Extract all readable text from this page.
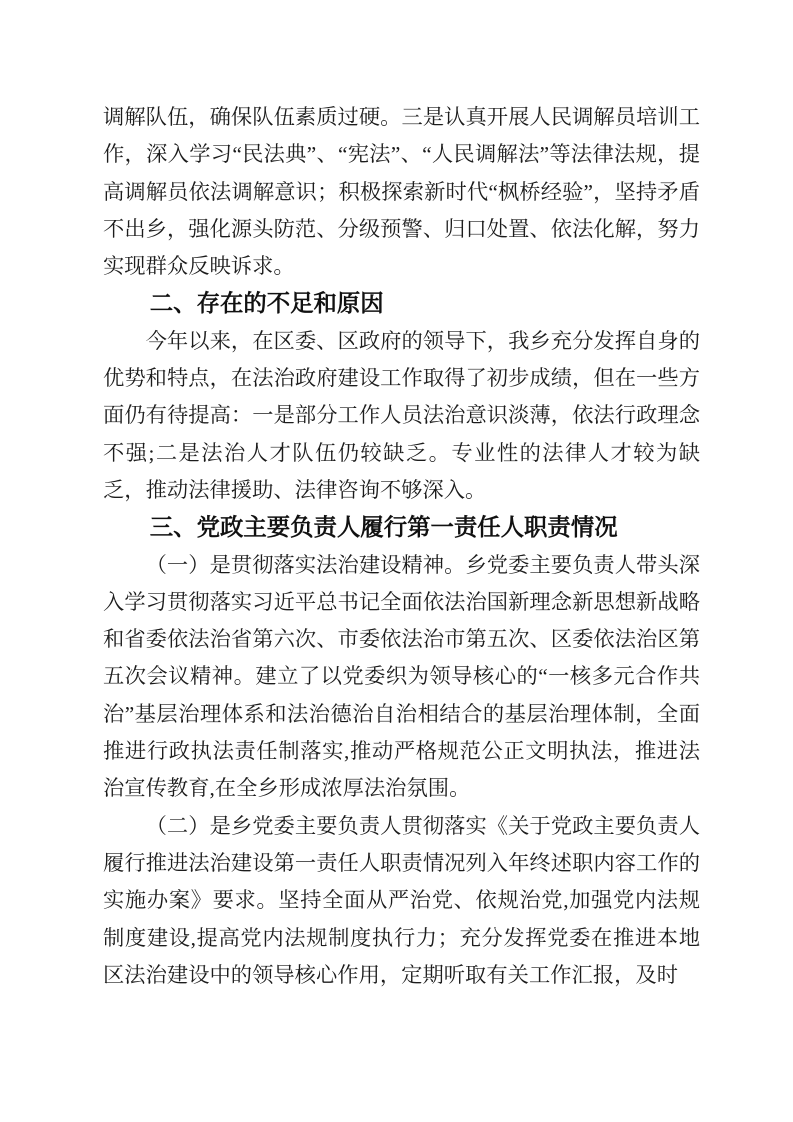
调解队伍，确保队伍素质过硬。三是认真开展人民调解员培训工作，深入学习“民法典”、“宪法”、“人民调解法”等法律法规，提高调解员依法调解意识；积极探索新时代“枫桥经验”，坚持矛盾不出乡，强化源头防范、分级预警、归口处置、依法化解，努力实现群众反映诉求。

二、存在的不足和原因

今年以来，在区委、区政府的领导下，我乡充分发挥自身的优势和特点，在法治政府建设工作取得了初步成绩，但在一些方面仍有待提高：一是部分工作人员法治意识淡薄，依法行政理念不强;二是法治人才队伍仍较缺乏。专业性的法律人才较为缺乏，推动法律援助、法律咨询不够深入。

三、党政主要负责人履行第一责任人职责情况

（一）是贯彻落实法治建设精神。乡党委主要负责人带头深入学习贯彻落实习近平总书记全面依法治国新理念新思想新战略和省委依法治省第六次、市委依法治市第五次、区委依法治区第五次会议精神。建立了以党委织为领导核心的“一核多元合作共治”基层治理体系和法治德治自治相结合的基层治理体制，全面推进行政执法责任制落实,推动严格规范公正文明执法，推进法治宣传教育,在全乡形成浓厚法治氛围。

（二）是乡党委主要负责人贯彻落实《关于党政主要负责人履行推进法治建设第一责任人职责情况列入年终述职内容工作的实施办案》要求。坚持全面从严治党、依规治党,加强党内法规制度建设,提高党内法规制度执行力；充分发挥党委在推进本地区法治建设中的领导核心作用，定期听取有关工作汇报，及时
